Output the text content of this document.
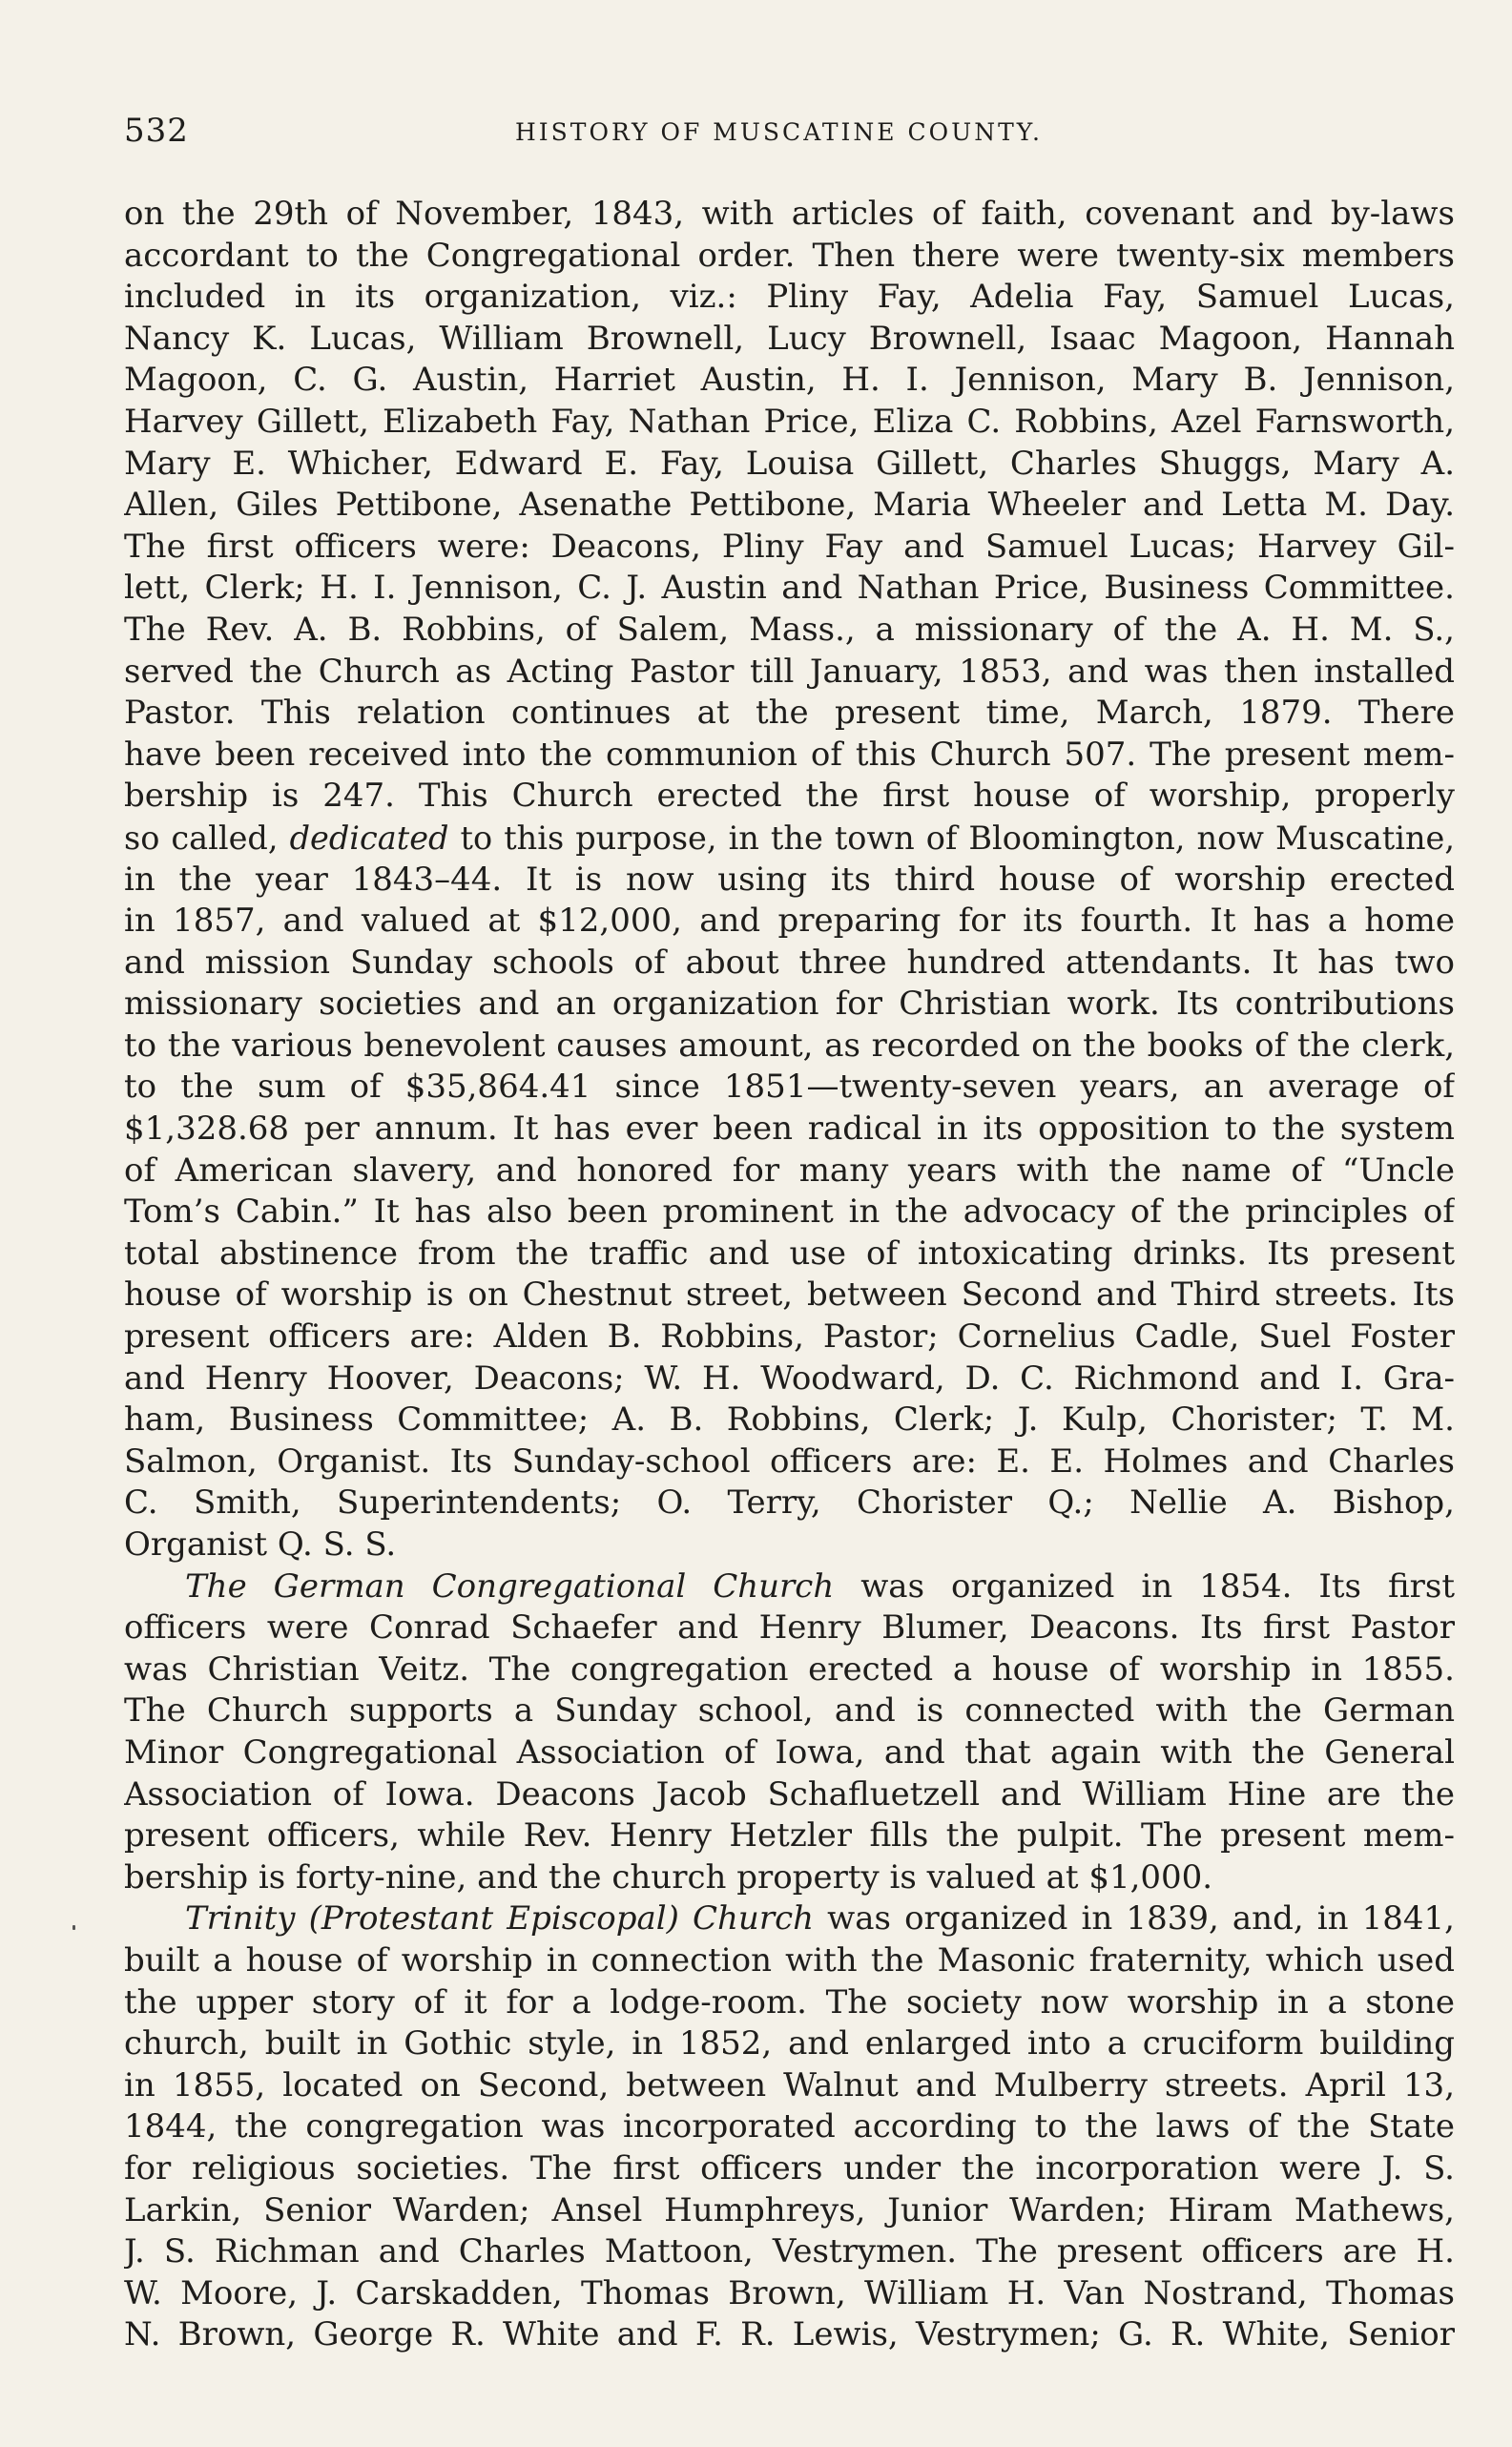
532	HISTORY OF MUSCATINE COUNTY.
on the 29th of November, 1843, with articles of faith, covenant and by-laws
accordant to the Congregational order. Then there were twenty-six members
included in its organization, viz.: Pliny Fay, Adelia Fay, Samuel Lucas,
Nancy K. Lucas, William Brownell, Lucy Brownell, Isaac Magoon, Hannah
Magoon, C. G. Austin, Harriet Austin, H. I. Jennison, Mary B. Jennison,
Harvey Gillett, Elizabeth Fay, Nathan Price, Eliza C. Robbins, Azel Farnsworth,
Mary E. Whicher, Edward E. Fay, Louisa Gillett, Charles Shuggs, Mary A.
Allen, Giles Pettibone, Asenathe Pettibone, Maria Wheeler and Letta M. Day.
The first officers were: Deacons, Pliny Fay and Samuel Lucas; Harvey Gil-
lett, Clerk; H. I. Jennison, C. J. Austin and Nathan Price, Business Committee.
The Rev. A. B. Robbins, of Salem, Mass., a missionary of the A. H. M. S.,
served the Church as Acting Pastor till January, 1853, and was then installed
Pastor. This relation continues at the present time, March, 1879. There
have been received into the communion of this Church 507. The present mem-
bership is 247. This Church erected the first house of worship, properly
so called, dedicated to this purpose, in the town of Bloomington, now Muscatine,
in the year 1843–44. It is now using its third house of worship erected
in 1857, and valued at $12,000, and preparing for its fourth. It has a home
and mission Sunday schools of about three hundred attendants. It has two
missionary societies and an organization for Christian work. Its contributions
to the various benevolent causes amount, as recorded on the books of the clerk,
to the sum of $35,864.41 since 1851—twenty-seven years, an average of
$1,328.68 per annum. It has ever been radical in its opposition to the system
of American slavery, and honored for many years with the name of “Uncle
Tom’s Cabin.” It has also been prominent in the advocacy of the principles of
total abstinence from the traffic and use of intoxicating drinks. Its present
house of worship is on Chestnut street, between Second and Third streets. Its
present officers are: Alden B. Robbins, Pastor; Cornelius Cadle, Suel Foster
and Henry Hoover, Deacons; W. H. Woodward, D. C. Richmond and I. Gra-
ham, Business Committee; A. B. Robbins, Clerk; J. Kulp, Chorister; T. M.
Salmon, Organist. Its Sunday-school officers are: E. E. Holmes and Charles
C. Smith, Superintendents; O. Terry, Chorister Q.; Nellie A. Bishop,
Organist Q. S. S.
The German Congregational Church was organized in 1854. Its first
officers were Conrad Schaefer and Henry Blumer, Deacons. Its first Pastor
was Christian Veitz. The congregation erected a house of worship in 1855.
The Church supports a Sunday school, and is connected with the German
Minor Congregational Association of Iowa, and that again with the General
Association of Iowa. Deacons Jacob Schafluetzell and William Hine are the
present officers, while Rev. Henry Hetzler fills the pulpit. The present mem-
bership is forty-nine, and the church property is valued at $1,000.
Trinity (Protestant Episcopal) Church was organized in 1839, and, in 1841,
built a house of worship in connection with the Masonic fraternity, which used
the upper story of it for a lodge-room. The society now worship in a stone
church, built in Gothic style, in 1852, and enlarged into a cruciform building
in 1855, located on Second, between Walnut and Mulberry streets. April 13,
1844, the congregation was incorporated according to the laws of the State
for religious societies. The first officers under the incorporation were J. S.
Larkin, Senior Warden; Ansel Humphreys, Junior Warden; Hiram Mathews,
J. S. Richman and Charles Mattoon, Vestrymen. The present officers are H.
W. Moore, J. Carskadden, Thomas Brown, William H. Van Nostrand, Thomas
N. Brown, George R. White and F. R. Lewis, Vestrymen; G. R. White, Senior
